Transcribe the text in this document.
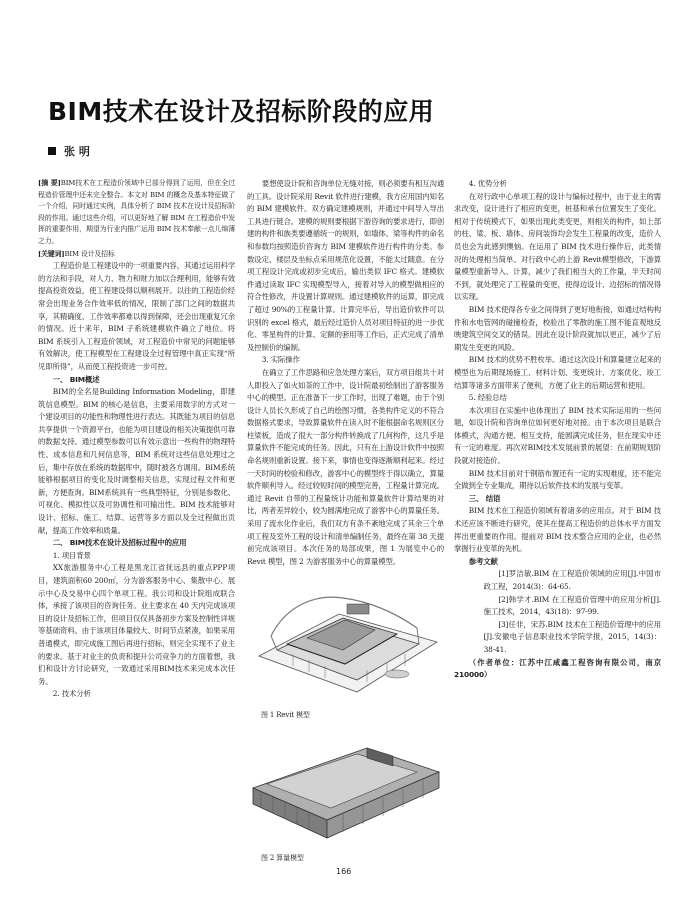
BIM技术在设计及招标阶段的应用
张 明

[摘 要]BIM技术在工程造价领域中已部分得到了运用，但在全过程造价管理中还未完全整合。本文对 BIM 的概念及基本特征做了一个介绍，同时通过实例，具体分析了 BIM 技术在设计及招标阶段的作用。通过这些介绍，可以更好地了解 BIM 在工程造价中发挥的重要作用，期望为行业内推广运用 BIM 技术奉献一点儿绵薄之力。

[关键词]BIM 设计及招标

工程造价是工程建设中的一项重要内容，其通过运用科学的方法和手段，对人力、物力和财力加以合理利用，能够有效提高投资效益，使工程建设得以顺利展开。以往的工程造价经常会出现业务合作效率低的情况，限制了部门之间的数据共享，其精确度、工作效率都难以得到保障，还会出现重复冗余的情况。近十来年，BIM 子系统建模软件确立了地位。将 BIM 系统引入工程造价领域，对工程造价中常见的问题能够有效解决，使工程模型在工程建设全过程管理中真正实现“所见即所得”，从而使工程投资进一步可控。

一、 BIM概述

BIM的全名是Building Information Modeling，即建筑信息模型。BIM 的核心是信息，主要采用数字的方式对一个建设项目的功能性和物理性进行表达。其既能为项目的信息共享提供一个资源平台，也能为项目建设的相关决策提供可靠的数据支持。通过模型参数可以有效示意出一些构件的物理特性、成本信息和几何信息等，BIM 系统对这些信息处理过之后，集中存放在系统的数据库中，随时被各方调用。BIM系统能够根据项目的变化及时调整相关信息，实现过程文件和更新，方便查询。BIM系统具有一些典型特征，分别是参数化、可视化、模拟性以及可协调性和可输出性。BIM 技术能够对设计、招标、施工、结算、运营等多方面以及全过程做出贡献，提高工作效率和质量。

二、 BIM技术在设计及招标过程中的应用

1. 项目背景

XX旅游服务中心工程是黑龙江省抚远县的重点PPP项目，建筑面积60 200㎡，分为游客服务中心、集散中心、展示中心及交易中心四个单项工程。我公司和设计院组成联合体，承接了该项目的咨询任务。业主要求在 40 天内完成该项目的设计及招标工作，但项目仅仅具备初步方案及控制性详规等基础资料。由于该项目体量较大、时间节点紧凑，如果采用普通模式，即完成施工图后再进行招标，则完全实现不了业主的要求。基于对业主的负责和提升公司竞争力的方面着想，我们和设计方讨论研究，一致通过采用BIM技术来完成本次任务。

2. 技术分析

要想使设计院和咨询单位无缝对接，则必须要有相互沟通的工具。设计院采用 Revit 软件进行建模，我方应用国内知名的 BIM 建模软件。双方确定建模规则，并通过中间导入导出工具进行链合。建模的规则要根据下游咨询的要求进行，即创建的构件和族类要遵循统一的规则，如墙体、梁等构件的命名和参数均按照造价咨询方 BIM 建模软件进行构件的分类。参数设定、楼层及坐标点采用规范化设置，不能太过随意。在分项工程设计完成或初步完成后，输出类似 IFC 格式。建模软件通过读取 IFC 实现模型导入，接着对导入的模型做相应的符合性修改，并设置计算规则。通过建模软件的运算，即完成了超过 90%的工程量计算。计算完毕后，导出造价软件可以识别的 excel 格式，最后经过造价人员对项目特征的进一步优化、零星构件的计算、定额的套用等工作后，正式完成了清单及控制价的编制。

3. 实际操作

在确立了工作思路和应急处理方案后，双方项目组共十对人即投入了如火如荼的工作中，设计院最初绘制出了游客服务中心的模型。正在准备下一步工作时，出现了难题，由于个别设计人员长久形成了自己的绘图习惯，各类构件定义的不符合数据格式要求，导致算量软件在读入时不能根据命名规则区分柱梁板，造成了很大一部分构件转换成了几何构件，这几乎是算量软件不能完成的任务。因此，只有在上游设计软件中按照命名规则重新设置。接下来，事情也变得逐渐顺利起来。经过一天时间的校验和修改，游客中心的模型终于得以确立，算量软件顺利导入。经过较短时间的模型完善，工程量计算完成。通过 Revit 自带的工程量统计功能和算量软件计算结果的对比，两者差异较小，较为圆满地完成了游客中心的算量任务。采用了流水化作业后，我们双方有条不紊地完成了其余三个单项工程及室外工程的设计和清单编制任务，最终在第 38 天提前完成该项目。本次任务的局部成果，图 1 为展览中心的 Revit 模型，图 2 为游客服务中心的算量模型。

图 1 Revit 模型

图 2 算量模型

4. 优势分析

在对行政中心单项工程的设计与编标过程中，由于业主的需求改变，设计进行了相应的变更，桩基和承台位置发生了变化。相对于传统模式下，如果出现此类变更，则相关的构件，如上部的柱、梁、板、墙体、房间装饰均会发生工程量的改变，造价人员也会为此感到懊恼。在运用了 BIM 技术进行操作后，此类情况的处理相当简单。对行政中心的上游 Revit模型修改，下游算量模型重新导入、计算，减少了我们相当大的工作量，半天时间不到，就处理完了工程量的变更，使得边设计、边招标的情况得以实现。

BIM 技术使得各专业之间得到了更好地衔接，如通过结构构件和水电管网的碰撞检查，校验出了零散的施工图不能直观地反映建筑空间交叉的错误。因此在设计阶段就加以更正，减少了后期发生变更的风险。

BIM 技术的优势不胜枚举。通过这次设计和算量建立起来的模型也为后期现场施工、材料计划、变更统计、方案优化、竣工结算等诸多方面带来了便利，方便了业主的后期运营和使用。

5. 经验总结

本次项目在实施中也体现出了 BIM 技术实际运用的一些问题，如设计院和咨询单位如何更好地对接。由于本次项目是联合体模式，沟通方便、相互支持，能圆满完成任务，但在现实中还有一定的难度。再次对BIM技术发展前景的展望：在前期规划阶段就对接造价。

BIM 技术目前对于钢筋布置还有一定的实现难度，还不能完全做到全专业集成，期待以后软件技术的发展与变革。

三、 结语

BIM 技术在工程造价领域有着诸多的应用点。对于 BIM 技术还应该不断进行研究，使其在提高工程造价的总体水平方面发挥出更重要的作用。提前对 BIM 技术整合应用的企业，也必然掌握行业变革的先机。

参考文献

[1]罗洁敏.BIM 在工程造价领域的应用[J].中国市政工程，2014(3)：64-65.

[2]韩学才.BIM 在工程造价管理中的应用分析[J].施工技术，2014，43(18)：97-99.

[3]任非，宋苏.BIM 技术在工程造价管理中的应用[J].安徽电子信息职业技术学院学报，2015，14(3)：38-41.

（作者单位：江苏中江咸鑫工程咨询有限公司，南京 210000）

166
